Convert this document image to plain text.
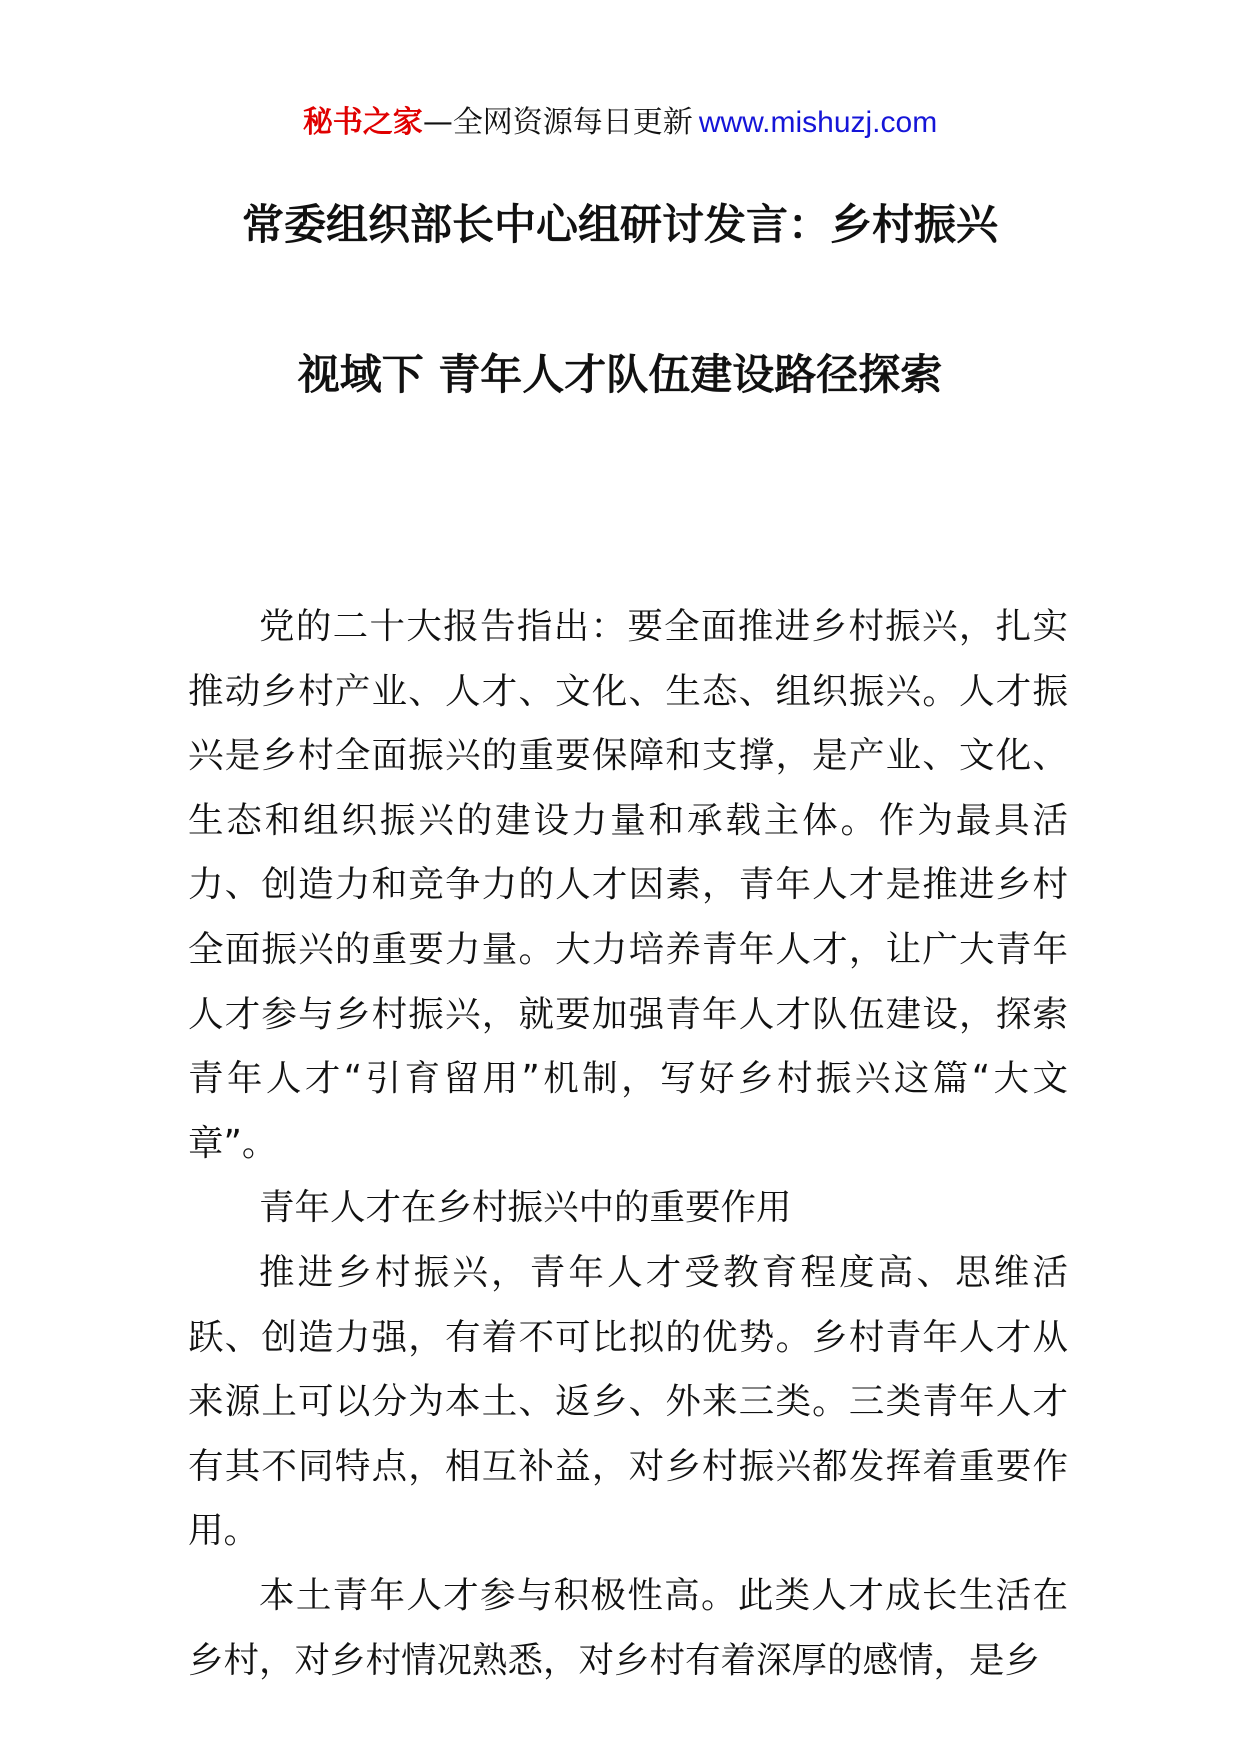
秘书之家—全网资源每日更新 www.mishuzj.com
常委组织部长中心组研讨发言：乡村振兴
视域下 青年人才队伍建设路径探索

党的二十大报告指出：要全面推进乡村振兴，扎实推动乡村产业、人才、文化、生态、组织振兴。人才振兴是乡村全面振兴的重要保障和支撑，是产业、文化、生态和组织振兴的建设力量和承载主体。作为最具活力、创造力和竞争力的人才因素，青年人才是推进乡村全面振兴的重要力量。大力培养青年人才，让广大青年人才参与乡村振兴，就要加强青年人才队伍建设，探索青年人才“引育留用”机制，写好乡村振兴这篇“大文章”。

青年人才在乡村振兴中的重要作用

推进乡村振兴，青年人才受教育程度高、思维活跃、创造力强，有着不可比拟的优势。乡村青年人才从来源上可以分为本土、返乡、外来三类。三类青年人才有其不同特点，相互补益，对乡村振兴都发挥着重要作用。

本土青年人才参与积极性高。此类人才成长生活在乡村，对乡村情况熟悉，对乡村有着深厚的感情，是乡
